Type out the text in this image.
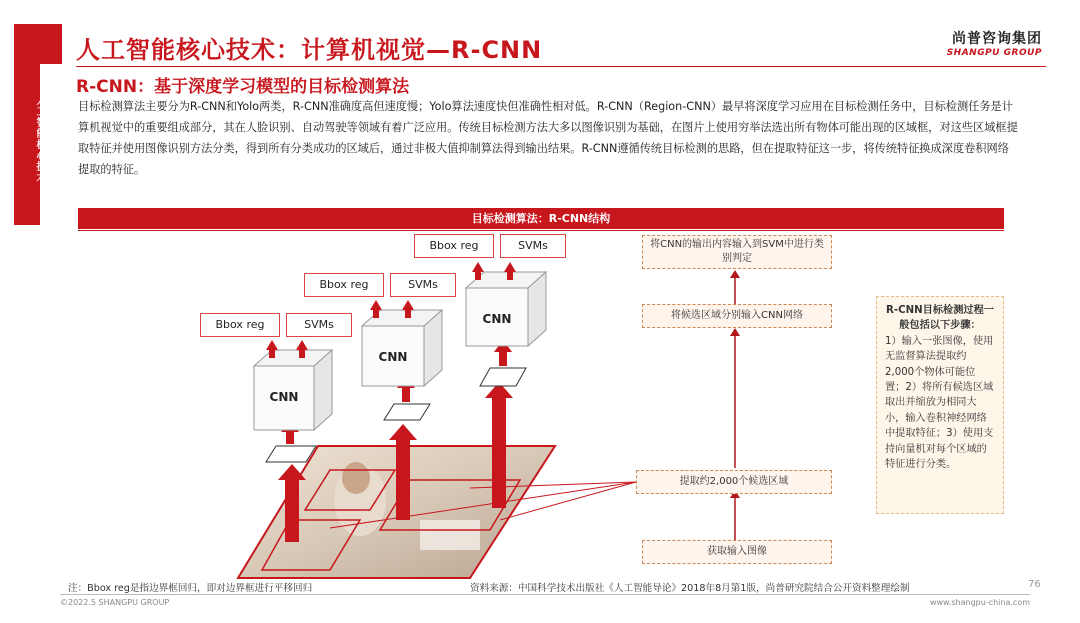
人工智能核心技术
人工智能核心技术：计算机视觉—R-CNN
R-CNN：基于深度学习模型的目标检测算法
尚普咨询集团
SHANGPU GROUP
目标检测算法主要分为R-CNN和Yolo两类，R-CNN准确度高但速度慢；Yolo算法速度快但准确性相对低。R-CNN（Region-CNN）最早将深度学习应用在目标检测任务中，目标检测任务是计算机视觉中的重要组成部分，其在人脸识别、自动驾驶等领域有着广泛应用。传统目标检测方法大多以图像识别为基础，在图片上使用穷举法选出所有物体可能出现的区域框，对这些区域框提取特征并使用图像识别方法分类，得到所有分类成功的区域后，通过非极大值抑制算法得到输出结果。R-CNN遵循传统目标检测的思路，但在提取特征这一步，将传统特征换成深度卷积网络提取的特征。
目标检测算法：R-CNN结构
Bbox reg	SVMs
Bbox reg	SVMs
Bbox reg	SVMs
CNN
CNN
CNN
将CNN的输出内容输入到SVM中进行类别判定
将候选区域分别输入CNN网络
提取约2,000个候选区域
获取输入图像
R-CNN目标检测过程一般包括以下步骤：
1）输入一张图像，使用无监督算法提取约2,000个物体可能位置；2）将所有候选区域取出并缩放为相同大小，输入卷积神经网络中提取特征；3）使用支持向量机对每个区域的特征进行分类。
注：Bbox reg是指边界框回归，即对边界框进行平移回归	资料来源：中国科学技术出版社《人工智能导论》2018年8月第1版，尚普研究院结合公开资料整理绘制	76
©2022.5 SHANGPU GROUP	www.shangpu-china.com
